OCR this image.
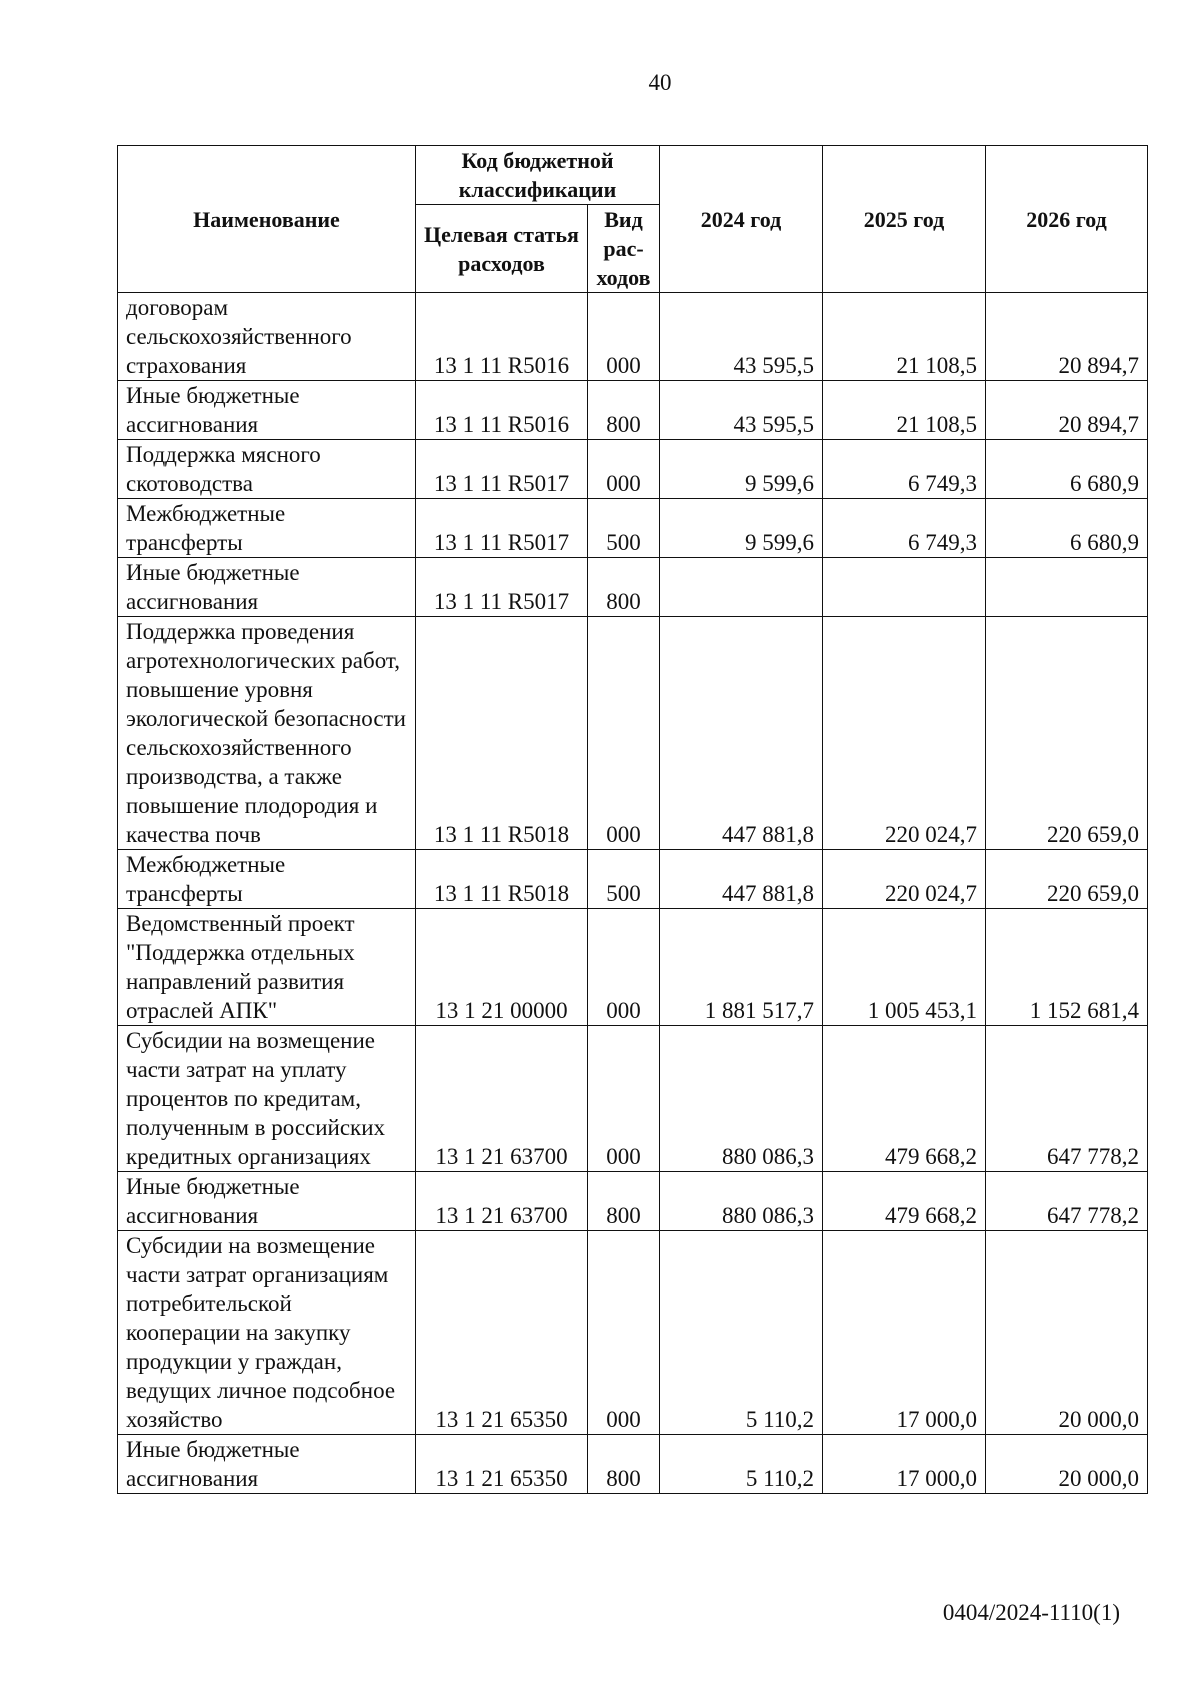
40
Наименование	Код бюджетной классификации		2024 год	2025 год	2026 год
	Целевая статья расходов	Вид рас-ходов			
договорам сельскохозяйственного страхования	13 1 11 R5016	000	43 595,5	21 108,5	20 894,7
Иные бюджетные ассигнования	13 1 11 R5016	800	43 595,5	21 108,5	20 894,7
Поддержка мясного скотоводства	13 1 11 R5017	000	9 599,6	6 749,3	6 680,9
Межбюджетные трансферты	13 1 11 R5017	500	9 599,6	6 749,3	6 680,9
Иные бюджетные ассигнования	13 1 11 R5017	800			
Поддержка проведения агротехнологических работ, повышение уровня экологической безопасности сельскохозяйственного производства, а также повышение плодородия и качества почв	13 1 11 R5018	000	447 881,8	220 024,7	220 659,0
Межбюджетные трансферты	13 1 11 R5018	500	447 881,8	220 024,7	220 659,0
Ведомственный проект "Поддержка отдельных направлений развития отраслей АПК"	13 1 21 00000	000	1 881 517,7	1 005 453,1	1 152 681,4
Субсидии на возмещение части затрат на уплату процентов по кредитам, полученным в российских кредитных организациях	13 1 21 63700	000	880 086,3	479 668,2	647 778,2
Иные бюджетные ассигнования	13 1 21 63700	800	880 086,3	479 668,2	647 778,2
Субсидии на возмещение части затрат организациям потребительской кооперации на закупку продукции у граждан, ведущих личное подсобное хозяйство	13 1 21 65350	000	5 110,2	17 000,0	20 000,0
Иные бюджетные ассигнования	13 1 21 65350	800	5 110,2	17 000,0	20 000,0
0404/2024-1110(1)
